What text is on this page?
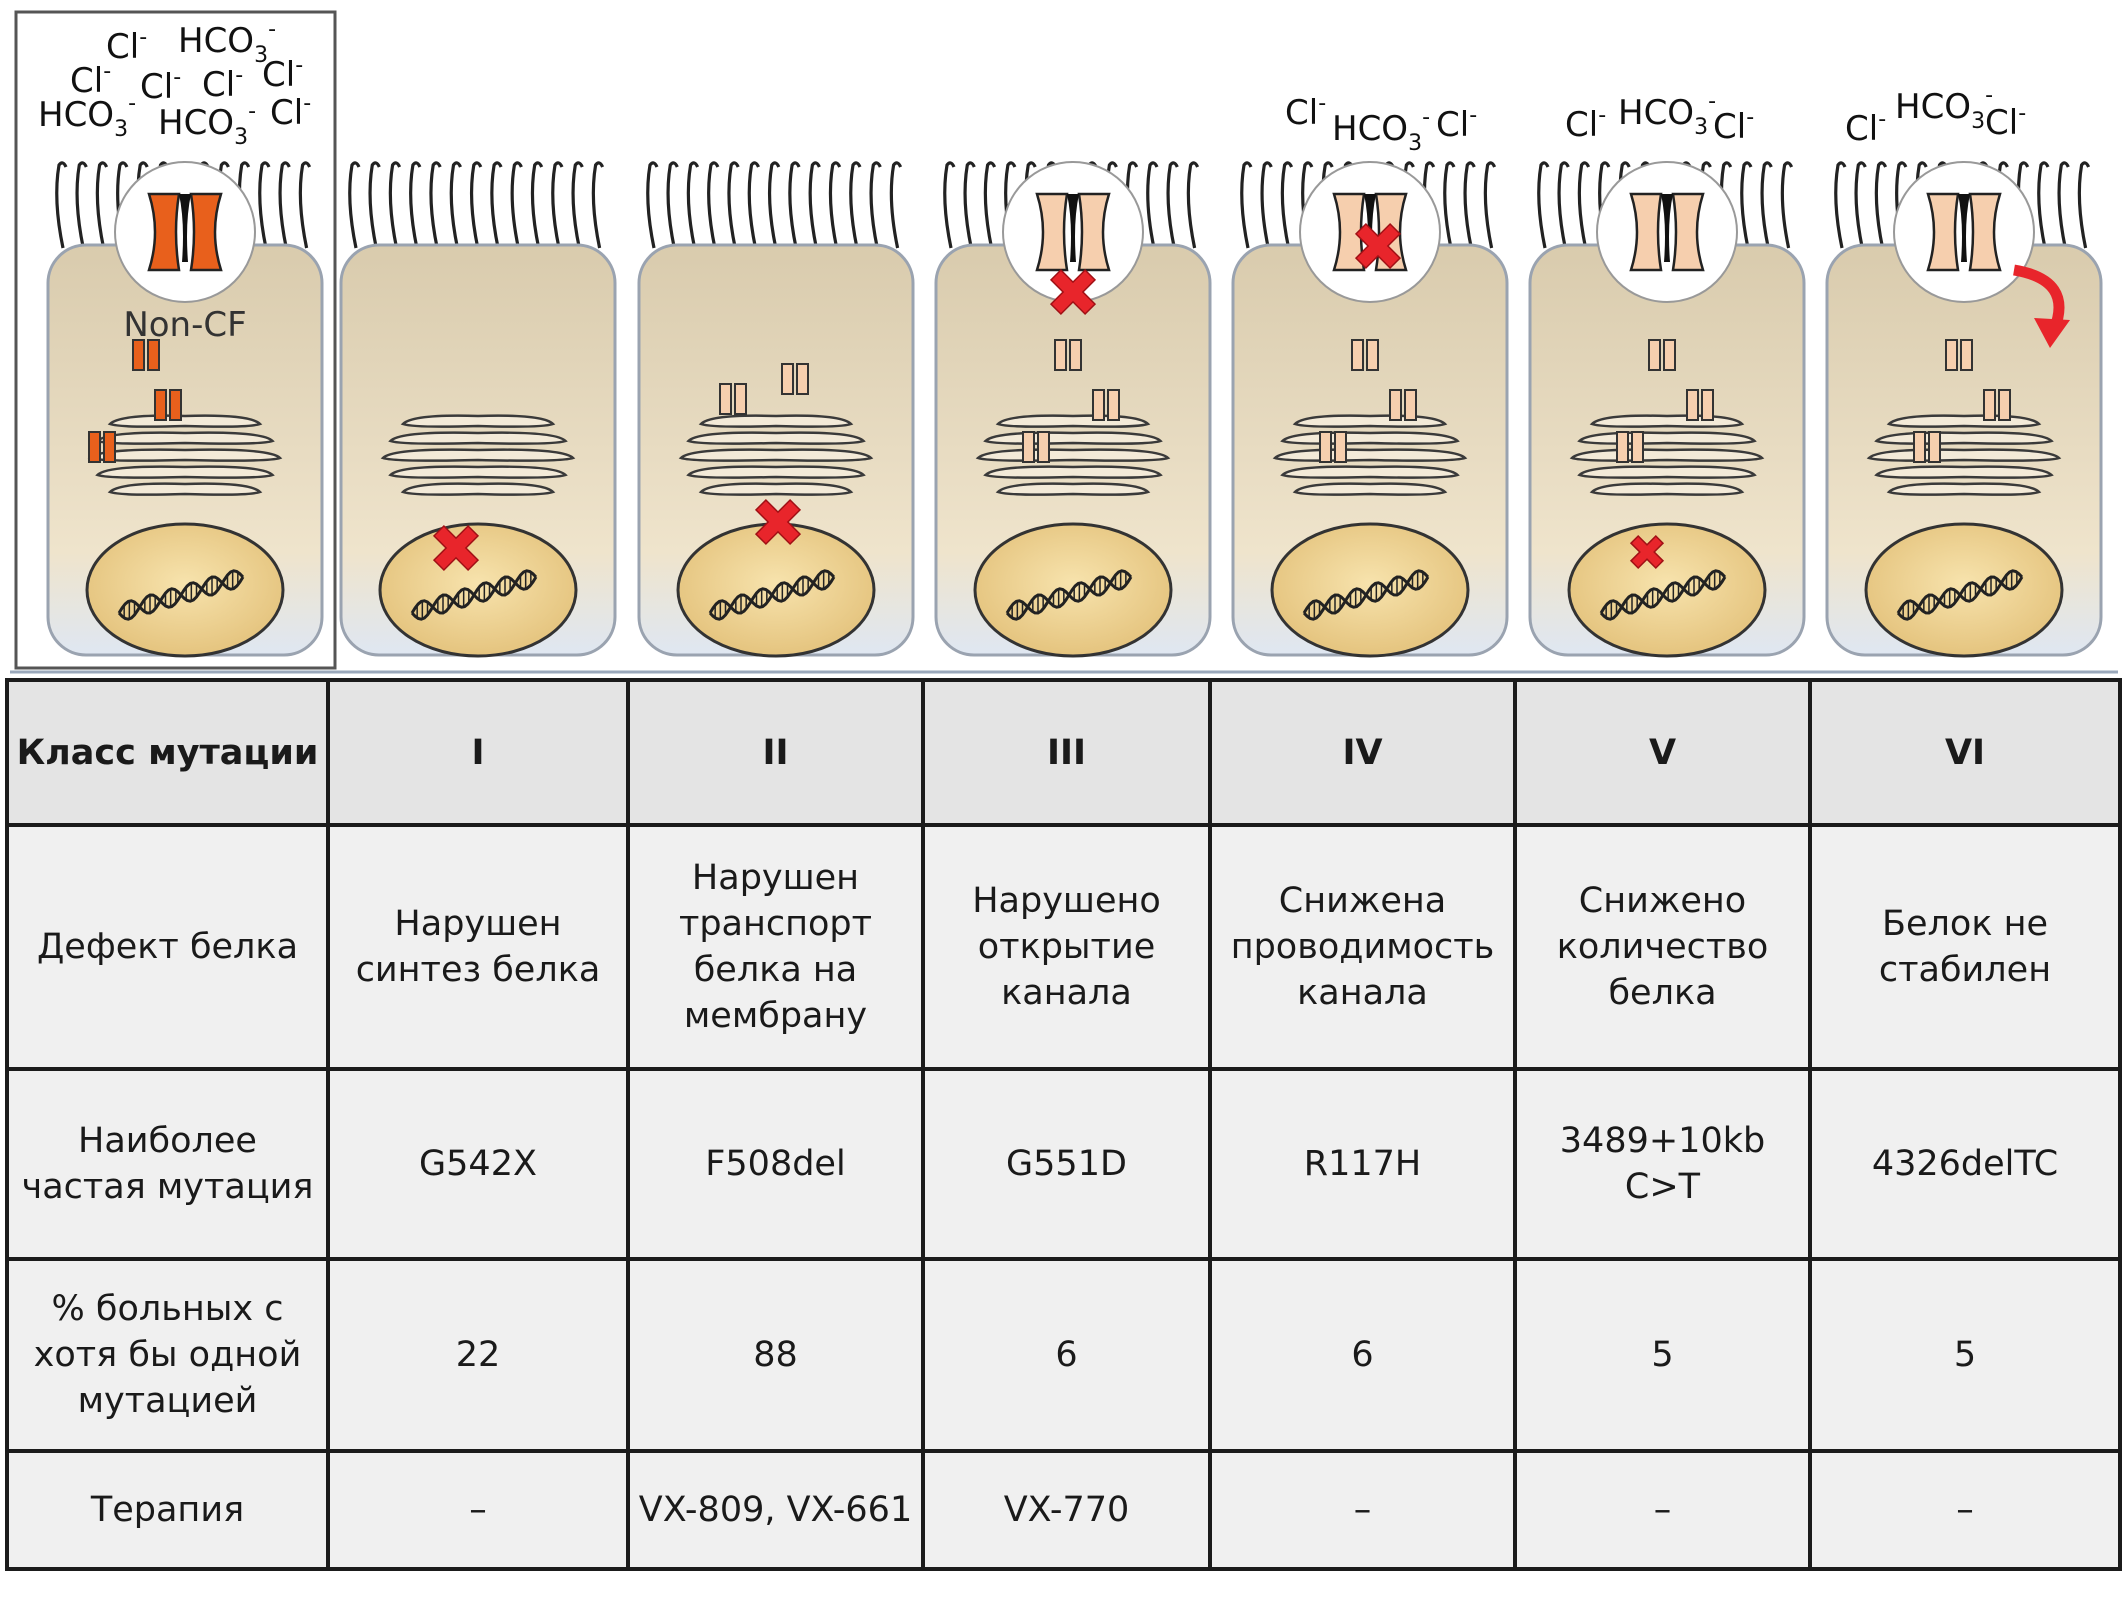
Cl- $HCO_3^-$
Cl- Cl- Cl- Cl-
$HCO_3^-$ $HCO_3^-$ Cl-	Cl-
$HCO_3^-$ Cl-	Cl- $HCO_3^-$
Cl-	Cl- $HCO_3^-$
Cl-
Non-CF
Класс мутации	I	II	III	IV	V	VI
Дефект белка	Нарушен синтез белка	Нарушен транспорт белка на мембрану	Нарушено открытие канала	Снижена проводимость канала	Снижено количество белка	Белок не стабилен
Наиболее частая мутация	G542X	F508del	G551D	R117H	3489+10kb C>T	4326delTC
% больных с хотя бы одной мутацией	22	88	6	6	5	5
Терапия	–	VX-809, VX-661	VX-770	–	–	–
